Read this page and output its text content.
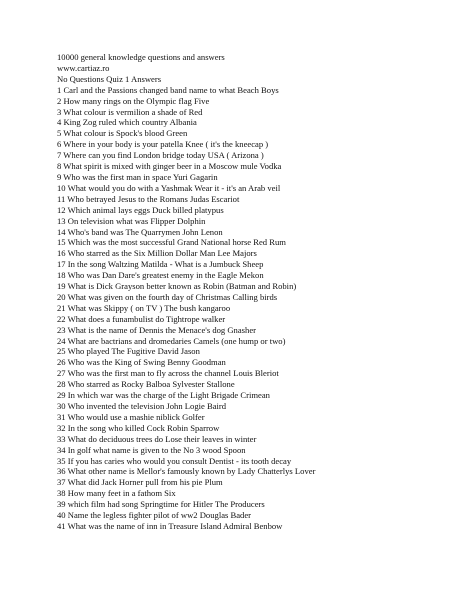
10000 general knowledge questions and answers
www.cartiaz.ro
No Questions Quiz 1 Answers
1 Carl and the Passions changed band name to what Beach Boys
2 How many rings on the Olympic flag Five
3 What colour is vermilion a shade of Red
4 King Zog ruled which country Albania
5 What colour is Spock's blood Green
6 Where in your body is your patella Knee ( it's the kneecap )
7 Where can you find London bridge today USA ( Arizona )
8 What spirit is mixed with ginger beer in a Moscow mule Vodka
9 Who was the first man in space Yuri Gagarin
10 What would you do with a Yashmak Wear it - it's an Arab veil
11 Who betrayed Jesus to the Romans Judas Escariot
12 Which animal lays eggs Duck billed platypus
13 On television what was Flipper Dolphin
14 Who's band was The Quarrymen John Lenon
15 Which was the most successful Grand National horse Red Rum
16 Who starred as the Six Million Dollar Man Lee Majors
17 In the song Waltzing Matilda - What is a Jumbuck Sheep
18 Who was Dan Dare's greatest enemy in the Eagle Mekon
19 What is Dick Grayson better known as Robin (Batman and Robin)
20 What was given on the fourth day of Christmas Calling birds
21 What was Skippy ( on TV ) The bush kangaroo
22 What does a funambulist do Tightrope walker
23 What is the name of Dennis the Menace's dog Gnasher
24 What are bactrians and dromedaries Camels (one hump or two)
25 Who played The Fugitive David Jason
26 Who was the King of Swing Benny Goodman
27 Who was the first man to fly across the channel Louis Bleriot
28 Who starred as Rocky Balboa Sylvester Stallone
29 In which war was the charge of the Light Brigade Crimean
30 Who invented the television John Logie Baird
31 Who would use a mashie niblick Golfer
32 In the song who killed Cock Robin Sparrow
33 What do deciduous trees do Lose their leaves in winter
34 In golf what name is given to the No 3 wood Spoon
35 If you has caries who would you consult Dentist - its tooth decay
36 What other name is Mellor's famously known by Lady Chatterlys Lover
37 What did Jack Horner pull from his pie Plum
38 How many feet in a fathom Six
39 which film had song Springtime for Hitler The Producers
40 Name the legless fighter pilot of ww2 Douglas Bader
41 What was the name of inn in Treasure Island Admiral Benbow
